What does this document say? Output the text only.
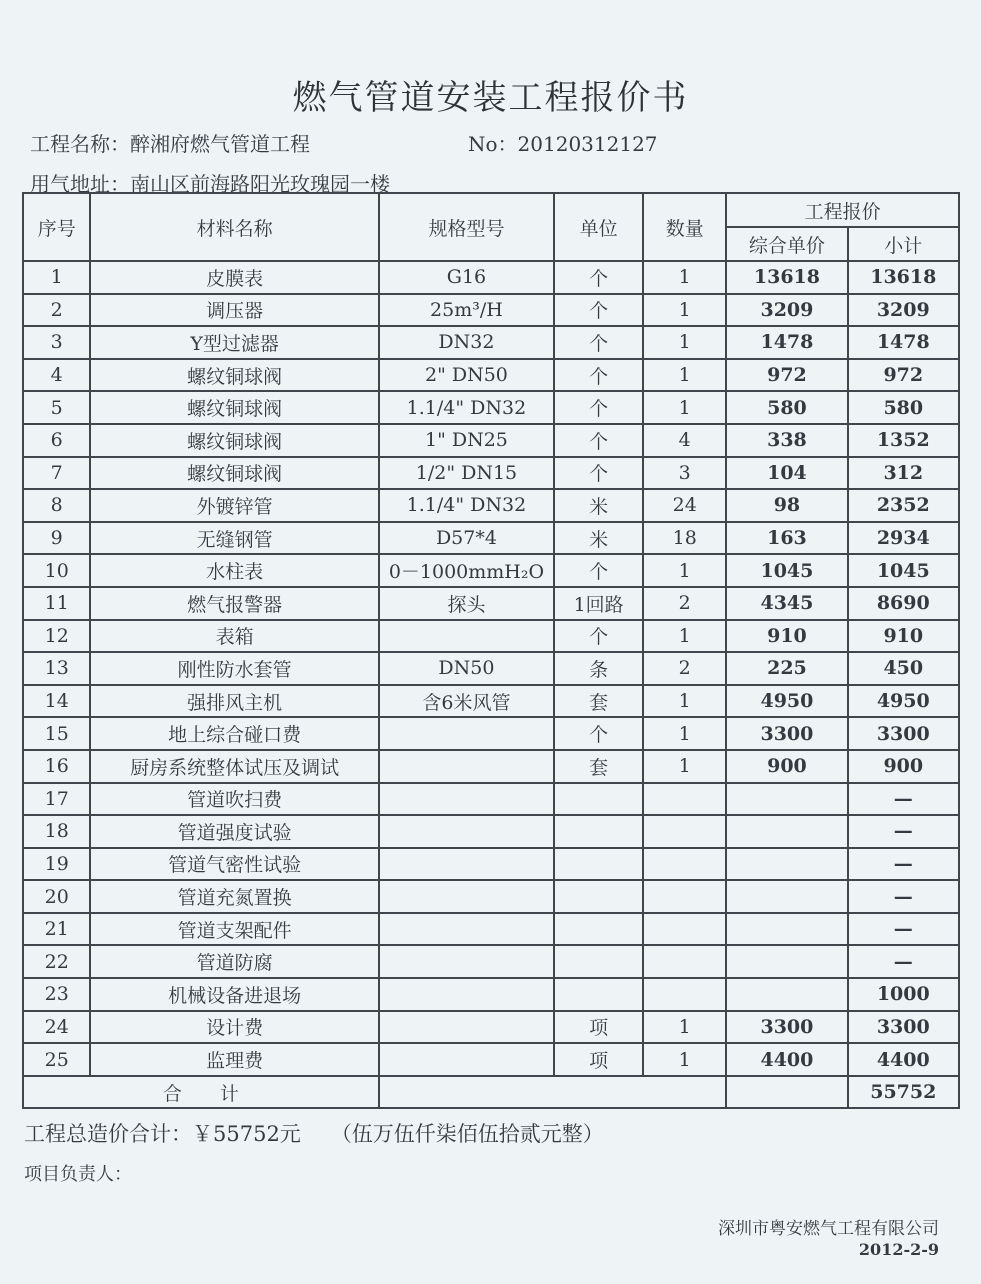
燃气管道安装工程报价书
工程名称：醉湘府燃气管道工程	No：20120312127
用气地址：南山区前海路阳光玫瑰园一楼
序号	材料名称	规格型号	单位	数量	工程报价	
					综合单价	小计
1	皮膜表	G16	个	1	13618	13618
2	调压器	25m³/H	个	1	3209	3209
3	Y型过滤器	DN32	个	1	1478	1478
4	螺纹铜球阀	2" DN50	个	1	972	972
5	螺纹铜球阀	1.1/4" DN32	个	1	580	580
6	螺纹铜球阀	1" DN25	个	4	338	1352
7	螺纹铜球阀	1/2" DN15	个	3	104	312
8	外镀锌管	1.1/4" DN32	米	24	98	2352
9	无缝钢管	D57*4	米	18	163	2934
10	水柱表	0－1000mmH₂O	个	1	1045	1045
11	燃气报警器	探头	1回路	2	4345	8690
12	表箱		个	1	910	910
13	刚性防水套管	DN50	条	2	225	450
14	强排风主机	含6米风管	套	1	4950	4950
15	地上综合碰口费		个	1	3300	3300
16	厨房系统整体试压及调试		套	1	900	900
17	管道吹扫费					—
18	管道强度试验					—
19	管道气密性试验					—
20	管道充氮置换					—
21	管道支架配件					—
22	管道防腐					—
23	机械设备进退场					1000
24	设计费		项	1	3300	3300
25	监理费		项	1	4400	4400
合　　计						55752
工程总造价合计：￥55752元 （伍万伍仟柒佰伍拾贰元整）
项目负责人：
深圳市粤安燃气工程有限公司
2012-2-9
